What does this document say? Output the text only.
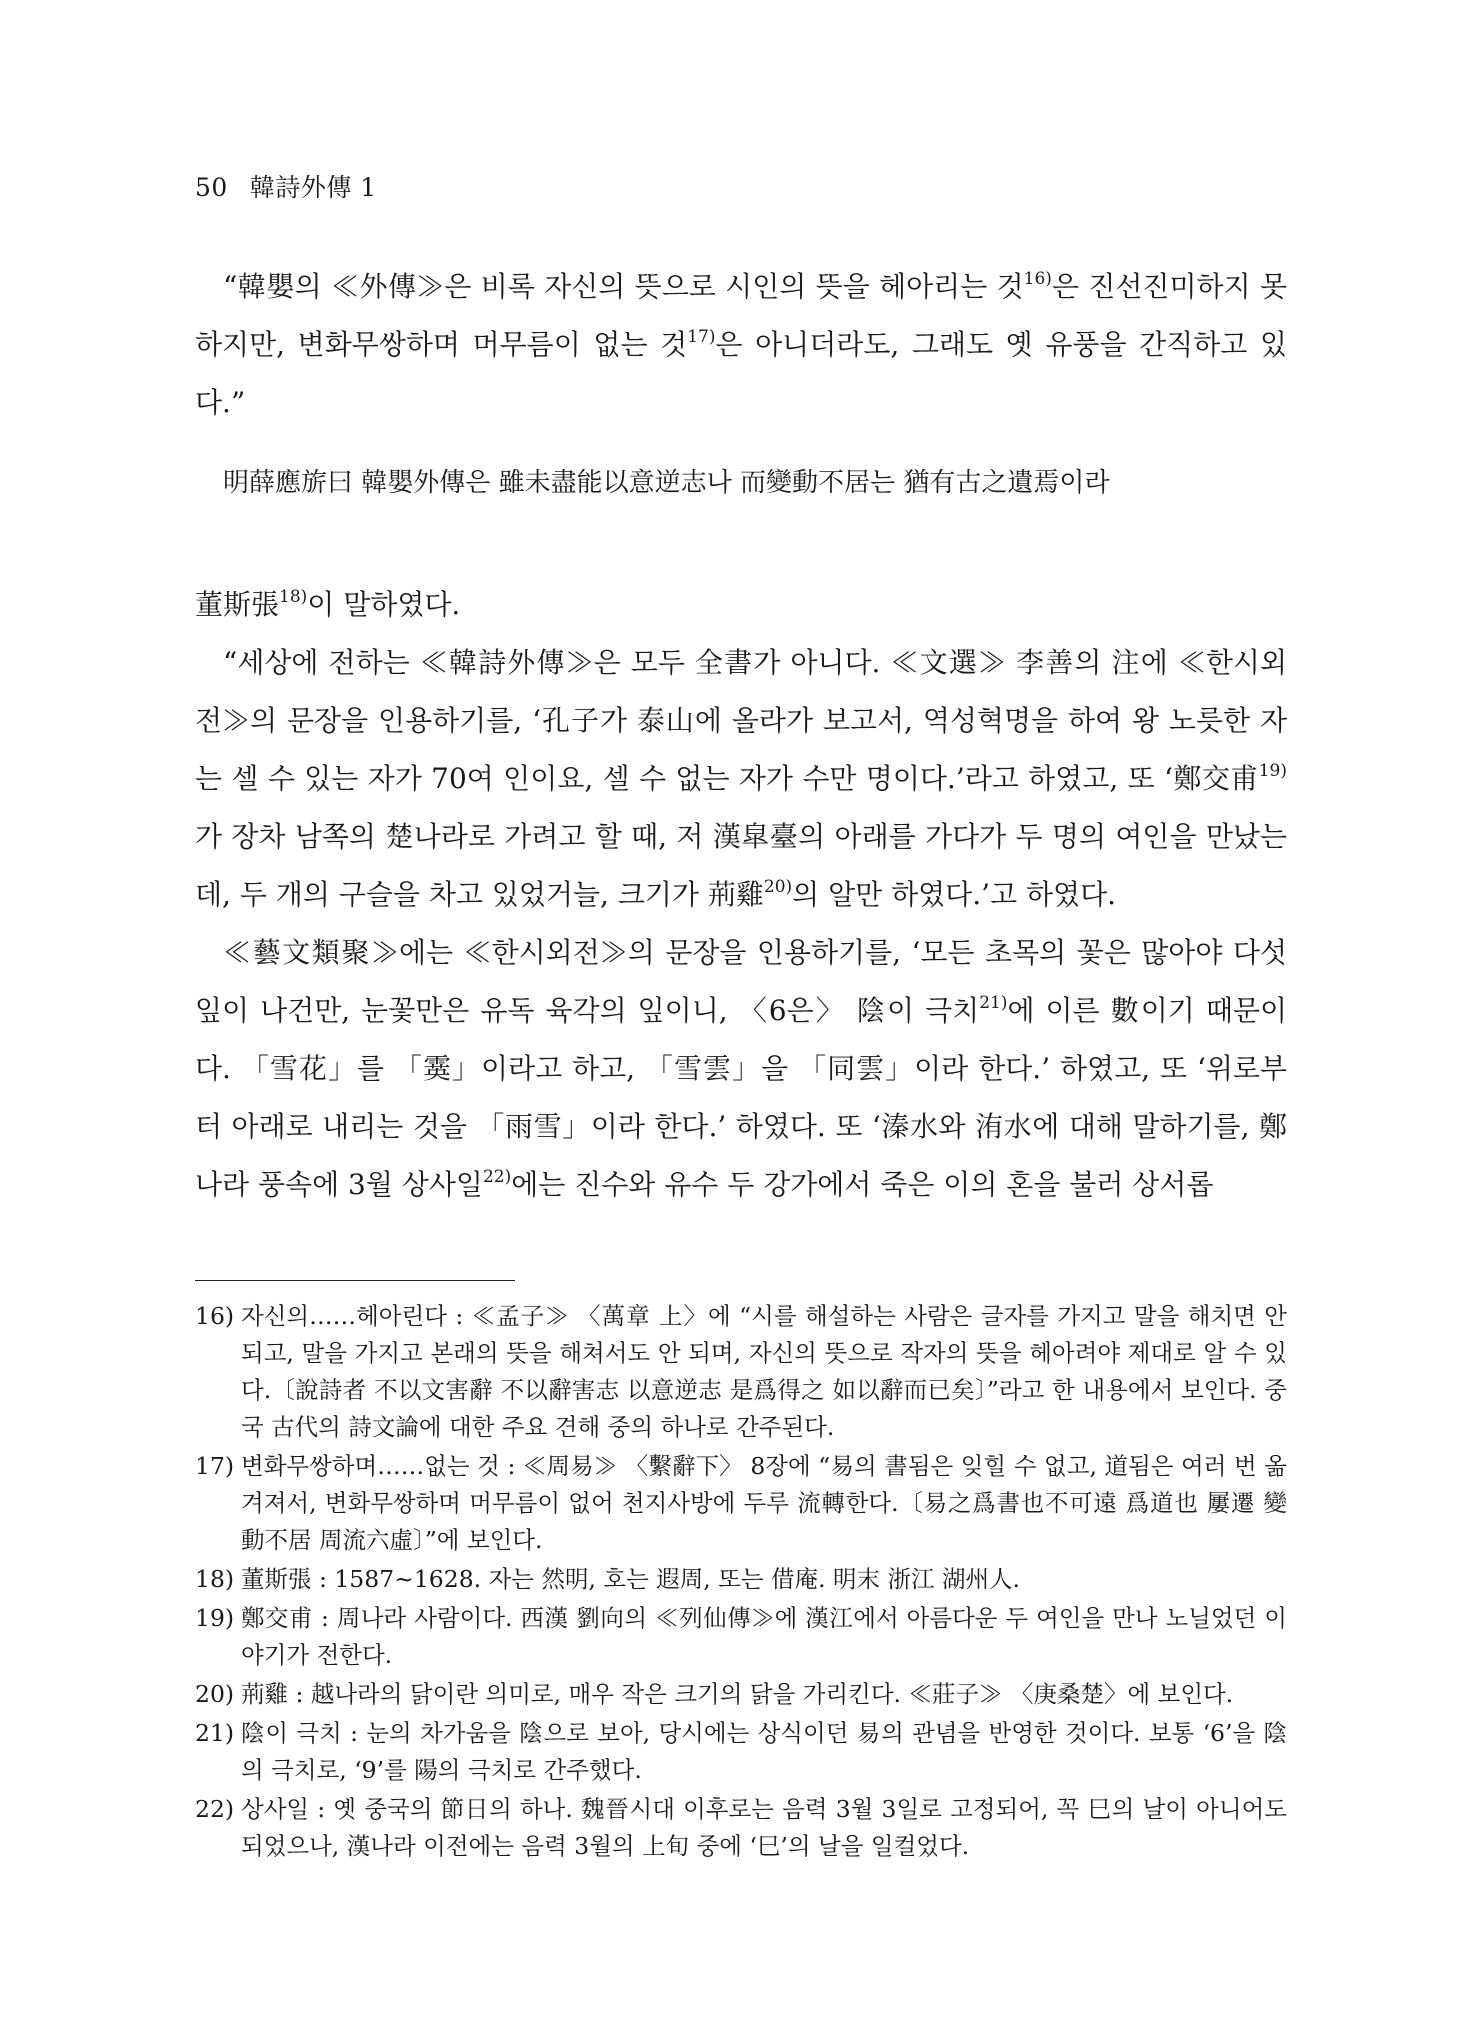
50 韓詩外傳 1

“韓嬰의 ≪外傳≫은 비록 자신의 뜻으로 시인의 뜻을 헤아리는 것$^{16)}$은 진선진미하지 못하지만, 변화무쌍하며 머무름이 없는 것$^{17)}$은 아니더라도, 그래도 옛 유풍을 간직하고 있다.”

明薛應旂曰 韓嬰外傳은 雖未盡能以意逆志나 而變動不居는 猶有古之遺焉이라

董斯張$^{18)}$이 말하였다.

“세상에 전하는 ≪韓詩外傳≫은 모두 全書가 아니다. ≪文選≫ 李善의 注에 ≪한시외전≫의 문장을 인용하기를, ‘孔子가 泰山에 올라가 보고서, 역성혁명을 하여 왕 노릇한 자는 셀 수 있는 자가 70여 인이요, 셀 수 없는 자가 수만 명이다.’라고 하였고, 또 ‘鄭交甫$^{19)}$가 장차 남쪽의 楚나라로 가려고 할 때, 저 漢皐臺의 아래를 가다가 두 명의 여인을 만났는데, 두 개의 구슬을 차고 있었거늘, 크기가 荊雞$^{20)}$의 알만 하였다.’고 하였다.

≪藝文類聚≫에는 ≪한시외전≫의 문장을 인용하기를, ‘모든 초목의 꽃은 많아야 다섯 잎이 나건만, 눈꽃만은 유독 육각의 잎이니, 〈6은〉 陰이 극치$^{21)}$에 이른 數이기 때문이다. 「雪花」를 「霙」이라고 하고, 「雪雲」을 「同雲」이라 한다.’ 하였고, 또 ‘위로부터 아래로 내리는 것을 「雨雪」이라 한다.’ 하였다. 또 ‘溱水와 洧水에 대해 말하기를, 鄭나라 풍속에 3월 상사일$^{22)}$에는 진수와 유수 두 강가에서 죽은 이의 혼을 불러 상서롭

16) 자신의……헤아린다 : ≪孟子≫ 〈萬章 上〉에 “시를 해설하는 사람은 글자를 가지고 말을 해치면 안 되고, 말을 가지고 본래의 뜻을 해쳐서도 안 되며, 자신의 뜻으로 작자의 뜻을 헤아려야 제대로 알 수 있다.〔說詩者 不以文害辭 不以辭害志 以意逆志 是爲得之 如以辭而已矣〕”라고 한 내용에서 보인다. 중국 古代의 詩文論에 대한 주요 견해 중의 하나로 간주된다.
17) 변화무쌍하며……없는 것 : ≪周易≫ 〈繫辭下〉 8장에 “易의 書됨은 잊힐 수 없고, 道됨은 여러 번 옮겨져서, 변화무쌍하며 머무름이 없어 천지사방에 두루 流轉한다.〔易之爲書也不可遠 爲道也 屢遷 變動不居 周流六虛〕”에 보인다.
18) 董斯張 : 1587~1628. 자는 然明, 호는 遐周, 또는 借庵. 明末 浙江 湖州人.
19) 鄭交甫 : 周나라 사람이다. 西漢 劉向의 ≪列仙傳≫에 漢江에서 아름다운 두 여인을 만나 노닐었던 이야기가 전한다.
20) 荊雞 : 越나라의 닭이란 의미로, 매우 작은 크기의 닭을 가리킨다. ≪莊子≫ 〈庚桑楚〉에 보인다.
21) 陰이 극치 : 눈의 차가움을 陰으로 보아, 당시에는 상식이던 易의 관념을 반영한 것이다. 보통 ‘6’을 陰의 극치로, ‘9’를 陽의 극치로 간주했다.
22) 상사일 : 옛 중국의 節日의 하나. 魏晉시대 이후로는 음력 3월 3일로 고정되어, 꼭 巳의 날이 아니어도 되었으나, 漢나라 이전에는 음력 3월의 上旬 중에 ‘巳’의 날을 일컬었다.
